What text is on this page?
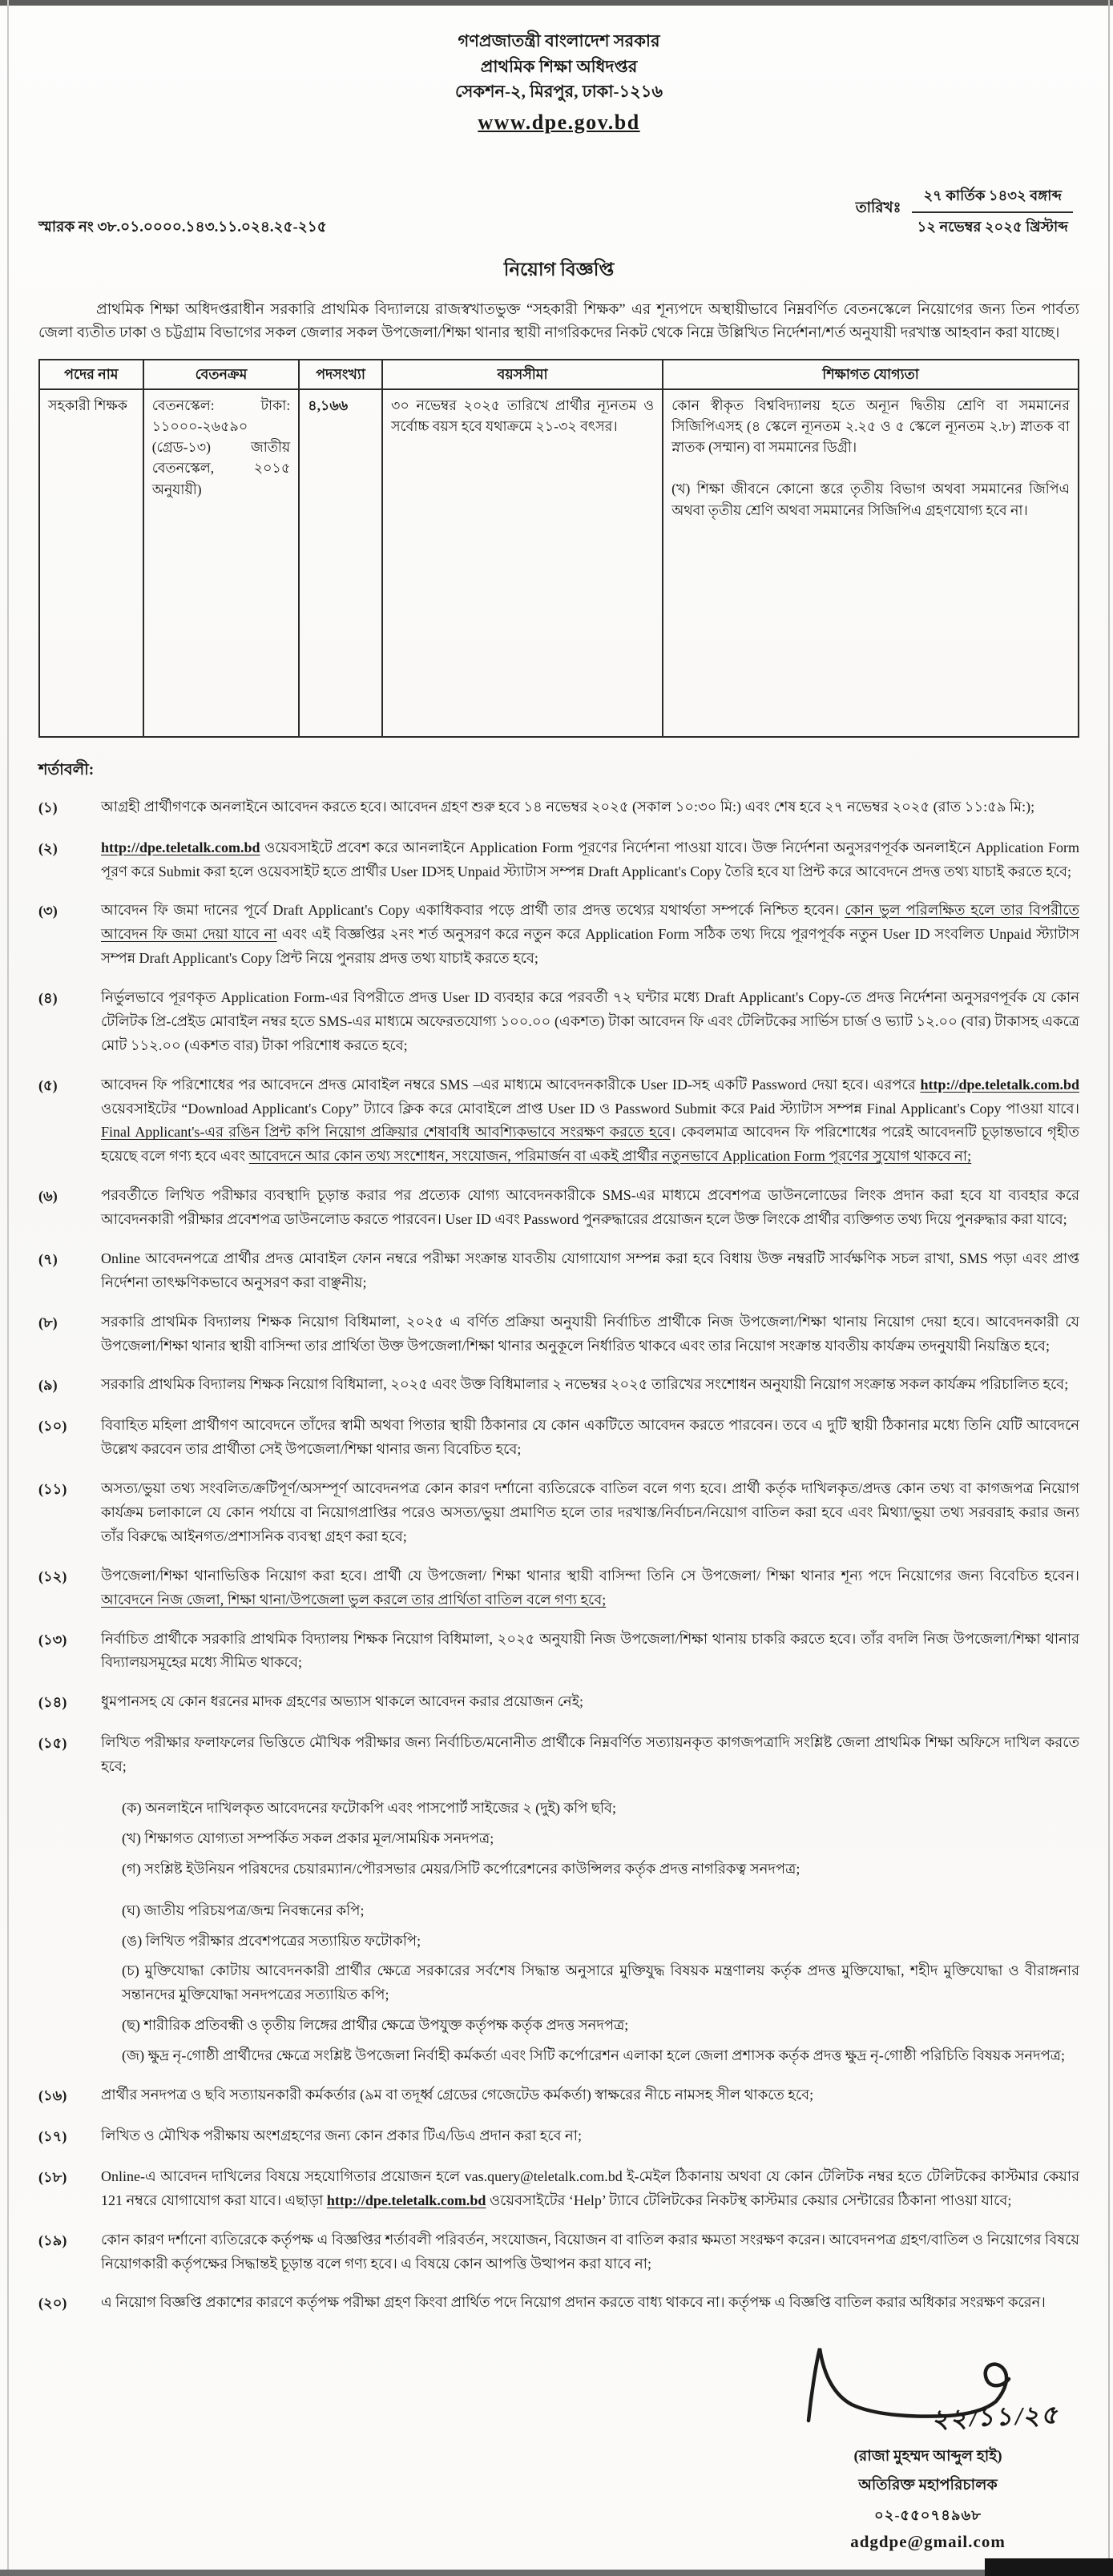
গণপ্রজাতন্ত্রী বাংলাদেশ সরকার
প্রাথমিক শিক্ষা অধিদপ্তর
সেকশন-২, মিরপুর, ঢাকা-১২১৬
www.dpe.gov.bd
স্মারক নং ৩৮.০১.০০০০.১৪৩.১১.০২৪.২৫-২১৫
তারিখঃ
২৭ কার্তিক ১৪৩২ বঙ্গাব্দ
১২ নভেম্বর ২০২৫ খ্রিস্টাব্দ
নিয়োগ বিজ্ঞপ্তি
প্রাথমিক শিক্ষা অধিদপ্তরাধীন সরকারি প্রাথমিক বিদ্যালয়ে রাজস্বখাতভুক্ত “সহকারী শিক্ষক” এর শূন্যপদে অস্থায়ীভাবে নিম্নবর্ণিত বেতনস্কেলে নিয়োগের জন্য তিন পার্বত্য জেলা ব্যতীত ঢাকা ও চট্টগ্রাম বিভাগের সকল জেলার সকল উপজেলা/শিক্ষা থানার স্থায়ী নাগরিকদের নিকট থেকে নিম্নে উল্লিখিত নির্দেশনা/শর্ত অনুযায়ী দরখাস্ত আহবান করা যাচ্ছে।
পদের নাম	বেতনক্রম	পদসংখ্যা	বয়সসীমা	শিক্ষাগত যোগ্যতা
সহকারী শিক্ষক	বেতনস্কেল: টাকা: ১১০০০-২৬৫৯০ (গ্রেড-১৩) জাতীয় বেতনস্কেল, ২০১৫ অনুযায়ী)	৪,১৬৬	৩০ নভেম্বর ২০২৫ তারিখে প্রার্থীর ন্যূনতম ও সর্বোচ্চ বয়স হবে যথাক্রমে ২১-৩২ বৎসর।	কোন স্বীকৃত বিশ্ববিদ্যালয় হতে অন্যূন দ্বিতীয় শ্রেণি বা সমমানের সিজিপিএসহ (৪ স্কেলে ন্যূনতম ২.২৫ ও ৫ স্কেলে ন্যূনতম ২.৮) স্নাতক বা স্নাতক (সম্মান) বা সমমানের ডিগ্রী।
(খ) শিক্ষা জীবনে কোনো স্তরে তৃতীয় বিভাগ অথবা সমমানের জিপিএ অথবা তৃতীয় শ্রেণি অথবা সমমানের সিজিপিএ গ্রহণযোগ্য হবে না।
শর্তাবলী:
(১)	আগ্রহী প্রার্থীগণকে অনলাইনে আবেদন করতে হবে। আবেদন গ্রহণ শুরু হবে ১৪ নভেম্বর ২০২৫ (সকাল ১০:৩০ মি:) এবং শেষ হবে ২৭ নভেম্বর ২০২৫ (রাত ১১:৫৯ মি:);
(২)	http://dpe.teletalk.com.bd ওয়েবসাইটে প্রবেশ করে আনলাইনে Application Form পূরণের নির্দেশনা পাওয়া যাবে। উক্ত নির্দেশনা অনুসরণপূর্বক অনলাইনে Application Form পূরণ করে Submit করা হলে ওয়েবসাইট হতে প্রার্থীর User IDসহ Unpaid স্ট্যাটাস সম্পন্ন Draft Applicant's Copy তৈরি হবে যা প্রিন্ট করে আবেদনে প্রদত্ত তথ্য যাচাই করতে হবে;
(৩)	আবেদন ফি জমা দানের পূর্বে Draft Applicant's Copy একাধিকবার পড়ে প্রার্থী তার প্রদত্ত তথ্যের যথার্থতা সম্পর্কে নিশ্চিত হবেন। কোন ভুল পরিলক্ষিত হলে তার বিপরীতে আবেদন ফি জমা দেয়া যাবে না এবং এই বিজ্ঞপ্তির ২নং শর্ত অনুসরণ করে নতুন করে Application Form সঠিক তথ্য দিয়ে পূরণপূর্বক নতুন User ID সংবলিত Unpaid স্ট্যাটাস সম্পন্ন Draft Applicant's Copy প্রিন্ট নিয়ে পুনরায় প্রদত্ত তথ্য যাচাই করতে হবে;
(৪)	নির্ভুলভাবে পূরণকৃত Application Form-এর বিপরীতে প্রদত্ত User ID ব্যবহার করে পরবর্তী ৭২ ঘন্টার মধ্যে Draft Applicant's Copy-তে প্রদত্ত নির্দেশনা অনুসরণপূর্বক যে কোন টেলিটক প্রি-প্রেইড মোবাইল নম্বর হতে SMS-এর মাধ্যমে অফেরতযোগ্য ১০০.০০ (একশত) টাকা আবেদন ফি এবং টেলিটকের সার্ভিস চার্জ ও ভ্যাট ১২.০০ (বার) টাকাসহ একত্রে মোট ১১২.০০ (একশত বার) টাকা পরিশোধ করতে হবে;
(৫)	আবেদন ফি পরিশোধের পর আবেদনে প্রদত্ত মোবাইল নম্বরে SMS –এর মাধ্যমে আবেদনকারীকে User ID-সহ একটি Password দেয়া হবে। এরপরে http://dpe.teletalk.com.bd ওয়েবসাইটের “Download Applicant's Copy” ট্যাবে ক্লিক করে মোবাইলে প্রাপ্ত User ID ও Password Submit করে Paid স্ট্যাটাস সম্পন্ন Final Applicant's Copy পাওয়া যাবে। Final Applicant's-এর রঙিন প্রিন্ট কপি নিয়োগ প্রক্রিয়ার শেষাবধি আবশ্যিকভাবে সংরক্ষণ করতে হবে। কেবলমাত্র আবেদন ফি পরিশোধের পরেই আবেদনটি চূড়ান্তভাবে গৃহীত হয়েছে বলে গণ্য হবে এবং আবেদনে আর কোন তথ্য সংশোধন, সংযোজন, পরিমার্জন বা একই প্রার্থীর নতুনভাবে Application Form পূরণের সুযোগ থাকবে না;
(৬)	পরবর্তীতে লিখিত পরীক্ষার ব্যবস্থাদি চূড়ান্ত করার পর প্রত্যেক যোগ্য আবেদনকারীকে SMS-এর মাধ্যমে প্রবেশপত্র ডাউনলোডের লিংক প্রদান করা হবে যা ব্যবহার করে আবেদনকারী পরীক্ষার প্রবেশপত্র ডাউনলোড করতে পারবেন। User ID এবং Password পুনরুদ্ধারের প্রয়োজন হলে উক্ত লিংকে প্রার্থীর ব্যক্তিগত তথ্য দিয়ে পুনরুদ্ধার করা যাবে;
(৭)	Online আবেদনপত্রে প্রার্থীর প্রদত্ত মোবাইল ফোন নম্বরে পরীক্ষা সংক্রান্ত যাবতীয় যোগাযোগ সম্পন্ন করা হবে বিধায় উক্ত নম্বরটি সার্বক্ষণিক সচল রাখা, SMS পড়া এবং প্রাপ্ত নির্দেশনা তাৎক্ষণিকভাবে অনুসরণ করা বাঞ্ছনীয়;
(৮)	সরকারি প্রাথমিক বিদ্যালয় শিক্ষক নিয়োগ বিধিমালা, ২০২৫ এ বর্ণিত প্রক্রিয়া অনুযায়ী নির্বাচিত প্রার্থীকে নিজ উপজেলা/শিক্ষা থানায় নিয়োগ দেয়া হবে। আবেদনকারী যে উপজেলা/শিক্ষা থানার স্থায়ী বাসিন্দা তার প্রার্থিতা উক্ত উপজেলা/শিক্ষা থানার অনুকূলে নির্ধারিত থাকবে এবং তার নিয়োগ সংক্রান্ত যাবতীয় কার্যক্রম তদনুযায়ী নিয়ন্ত্রিত হবে;
(৯)	সরকারি প্রাথমিক বিদ্যালয় শিক্ষক নিয়োগ বিধিমালা, ২০২৫ এবং উক্ত বিধিমালার ২ নভেম্বর ২০২৫ তারিখের সংশোধন অনুযায়ী নিয়োগ সংক্রান্ত সকল কার্যক্রম পরিচালিত হবে;
(১০)	বিবাহিত মহিলা প্রার্থীগণ আবেদনে তাঁদের স্বামী অথবা পিতার স্থায়ী ঠিকানার যে কোন একটিতে আবেদন করতে পারবেন। তবে এ দুটি স্থায়ী ঠিকানার মধ্যে তিনি যেটি আবেদনে উল্লেখ করবেন তার প্রার্থীতা সেই উপজেলা/শিক্ষা থানার জন্য বিবেচিত হবে;
(১১)	অসত্য/ভুয়া তথ্য সংবলিত/ক্রটিপূর্ণ/অসম্পূর্ণ আবেদনপত্র কোন কারণ দর্শানো ব্যতিরেকে বাতিল বলে গণ্য হবে। প্রার্থী কর্তৃক দাখিলকৃত/প্রদত্ত কোন তথ্য বা কাগজপত্র নিয়োগ কার্যক্রম চলাকালে যে কোন পর্যায়ে বা নিয়োগপ্রাপ্তির পরেও অসত্য/ভুয়া প্রমাণিত হলে তার দরখাস্ত/নির্বাচন/নিয়োগ বাতিল করা হবে এবং মিথ্যা/ভুয়া তথ্য সরবরাহ করার জন্য তাঁর বিরুদ্ধে আইনগত/প্রশাসনিক ব্যবস্থা গ্রহণ করা হবে;
(১২)	উপজেলা/শিক্ষা থানাভিত্তিক নিয়োগ করা হবে। প্রার্থী যে উপজেলা/ শিক্ষা থানার স্থায়ী বাসিন্দা তিনি সে উপজেলা/ শিক্ষা থানার শূন্য পদে নিয়োগের জন্য বিবেচিত হবেন। আবেদনে নিজ জেলা, শিক্ষা থানা/উপজেলা ভুল করলে তার প্রার্থিতা বাতিল বলে গণ্য হবে;
(১৩)	নির্বাচিত প্রার্থীকে সরকারি প্রাথমিক বিদ্যালয় শিক্ষক নিয়োগ বিধিমালা, ২০২৫ অনুযায়ী নিজ উপজেলা/শিক্ষা থানায় চাকরি করতে হবে। তাঁর বদলি নিজ উপজেলা/শিক্ষা থানার বিদ্যালয়সমূহের মধ্যে সীমিত থাকবে;
(১৪)	ধুমপানসহ যে কোন ধরনের মাদক গ্রহণের অভ্যাস থাকলে আবেদন করার প্রয়োজন নেই;
(১৫)	লিখিত পরীক্ষার ফলাফলের ভিত্তিতে মৌখিক পরীক্ষার জন্য নির্বাচিত/মনোনীত প্রার্থীকে নিম্নবর্ণিত সত্যায়নকৃত কাগজপত্রাদি সংশ্লিষ্ট জেলা প্রাথমিক শিক্ষা অফিসে দাখিল করতে হবে;
(ক) অনলাইনে দাখিলকৃত আবেদনের ফটোকপি এবং পাসপোর্ট সাইজের ২ (দুই) কপি ছবি;
(খ) শিক্ষাগত যোগ্যতা সম্পর্কিত সকল প্রকার মূল/সাময়িক সনদপত্র;
(গ) সংশ্লিষ্ট ইউনিয়ন পরিষদের চেয়ারম্যান/পৌরসভার মেয়র/সিটি কর্পোরেশনের কাউন্সিলর কর্তৃক প্রদত্ত নাগরিকত্ব সনদপত্র;
(ঘ) জাতীয় পরিচয়পত্র/জন্ম নিবন্ধনের কপি;
(ঙ) লিখিত পরীক্ষার প্রবেশপত্রের সত্যায়িত ফটোকপি;
(চ) মুক্তিযোদ্ধা কোটায় আবেদনকারী প্রার্থীর ক্ষেত্রে সরকারের সর্বশেষ সিদ্ধান্ত অনুসারে মুক্তিযুদ্ধ বিষয়ক মন্ত্রণালয় কর্তৃক প্রদত্ত মুক্তিযোদ্ধা, শহীদ মুক্তিযোদ্ধা ও বীরাঙ্গনার সন্তানদের মুক্তিযোদ্ধা সনদপত্রের সত্যায়িত কপি;
(ছ) শারীরিক প্রতিবন্ধী ও তৃতীয় লিঙ্গের প্রার্থীর ক্ষেত্রে উপযুক্ত কর্তৃপক্ষ কর্তৃক প্রদত্ত সনদপত্র;
(জ) ক্ষুদ্র নৃ-গোষ্ঠী প্রার্থীদের ক্ষেত্রে সংশ্লিষ্ট উপজেলা নির্বাহী কর্মকর্তা এবং সিটি কর্পোরেশন এলাকা হলে জেলা প্রশাসক কর্তৃক প্রদত্ত ক্ষুদ্র নৃ-গোষ্ঠী পরিচিতি বিষয়ক সনদপত্র;
(১৬)	প্রার্থীর সনদপত্র ও ছবি সত্যায়নকারী কর্মকর্তার (৯ম বা তদূর্ধ্ব গ্রেডের গেজেটেড কর্মকর্তা) স্বাক্ষরের নীচে নামসহ সীল থাকতে হবে;
(১৭)	লিখিত ও মৌখিক পরীক্ষায় অংশগ্রহণের জন্য কোন প্রকার টিএ/ডিএ প্রদান করা হবে না;
(১৮)	Online-এ আবেদন দাখিলের বিষয়ে সহযোগিতার প্রয়োজন হলে vas.query@teletalk.com.bd ই-মেইল ঠিকানায় অথবা যে কোন টেলিটক নম্বর হতে টেলিটকের কাস্টমার কেয়ার 121 নম্বরে যোগাযোগ করা যাবে। এছাড়া http://dpe.teletalk.com.bd ওয়েবসাইটের ‘Help’ ট্যাবে টেলিটকের নিকটস্থ কাস্টমার কেয়ার সেন্টারের ঠিকানা পাওয়া যাবে;
(১৯)	কোন কারণ দর্শানো ব্যতিরেকে কর্তৃপক্ষ এ বিজ্ঞপ্তির শর্তাবলী পরিবর্তন, সংযোজন, বিয়োজন বা বাতিল করার ক্ষমতা সংরক্ষণ করেন। আবেদনপত্র গ্রহণ/বাতিল ও নিয়োগের বিষয়ে নিয়োগকারী কর্তৃপক্ষের সিদ্ধান্তই চূড়ান্ত বলে গণ্য হবে। এ বিষয়ে কোন আপত্তি উত্থাপন করা যাবে না;
(২০)	এ নিয়োগ বিজ্ঞপ্তি প্রকাশের কারণে কর্তৃপক্ষ পরীক্ষা গ্রহণ কিংবা প্রার্থিত পদে নিয়োগ প্রদান করতে বাধ্য থাকবে না। কর্তৃপক্ষ এ বিজ্ঞপ্তি বাতিল করার অধিকার সংরক্ষণ করেন।
২২/১১/২৫
(রাজা মুহম্মদ আব্দুল হাই)
অতিরিক্ত মহাপরিচালক
০২-৫৫০৭৪৯৬৮
adgdpe@gmail.com
